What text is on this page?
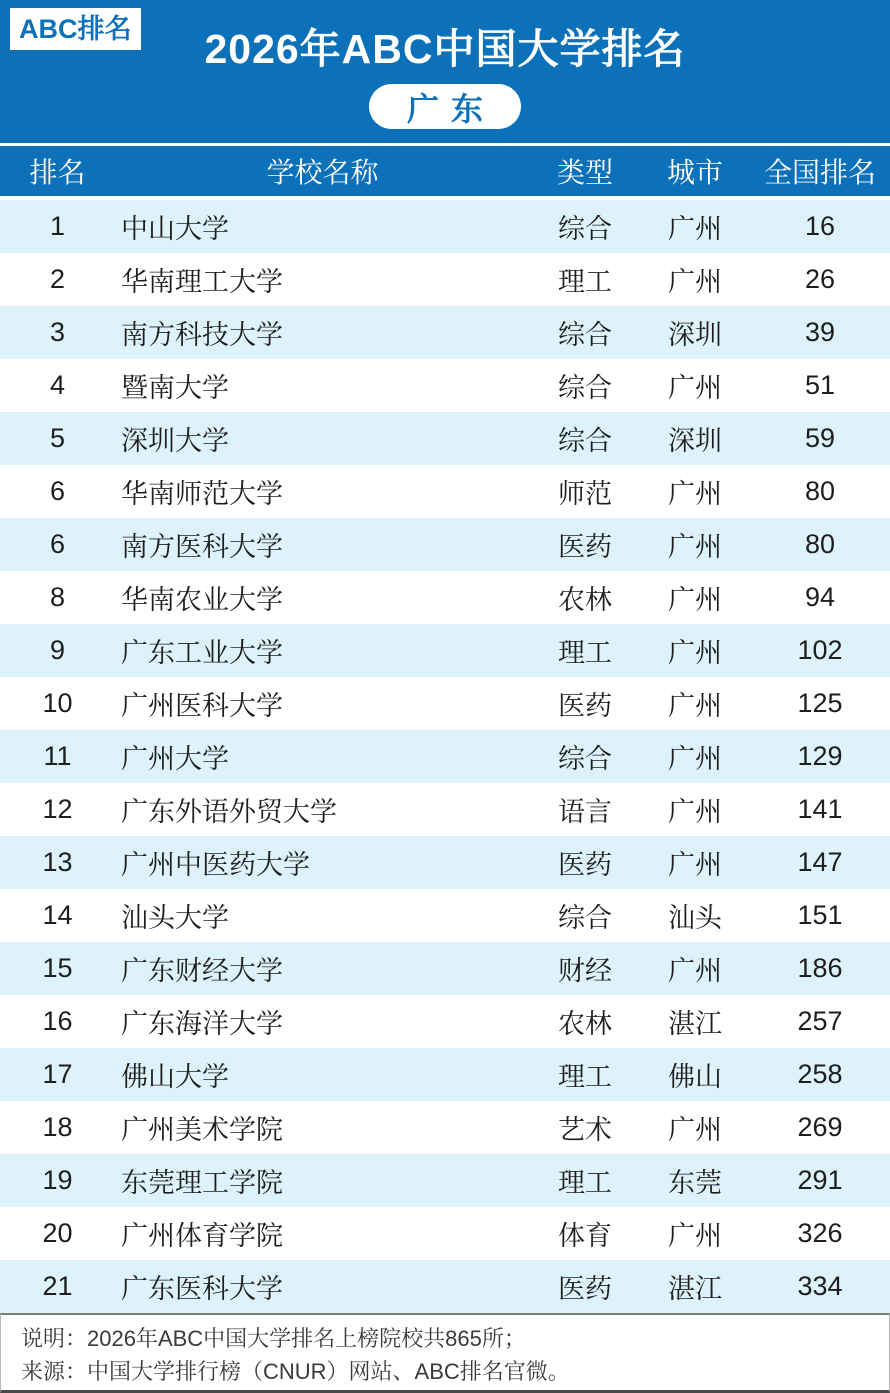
ABC排名	2026年ABC中国大学排名
广东
排名	学校名称	类型	城市	全国排名
1	中山大学	综合	广州	16
2	华南理工大学	理工	广州	26
3	南方科技大学	综合	深圳	39
4	暨南大学	综合	广州	51
5	深圳大学	综合	深圳	59
6	华南师范大学	师范	广州	80
6	南方医科大学	医药	广州	80
8	华南农业大学	农林	广州	94
9	广东工业大学	理工	广州	102
10	广州医科大学	医药	广州	125
11	广州大学	综合	广州	129
12	广东外语外贸大学	语言	广州	141
13	广州中医药大学	医药	广州	147
14	汕头大学	综合	汕头	151
15	广东财经大学	财经	广州	186
16	广东海洋大学	农林	湛江	257
17	佛山大学	理工	佛山	258
18	广州美术学院	艺术	广州	269
19	东莞理工学院	理工	东莞	291
20	广州体育学院	体育	广州	326
21	广东医科大学	医药	湛江	334
说明：2026年ABC中国大学排名上榜院校共865所；
来源：中国大学排行榜（CNUR）网站、ABC排名官微。
